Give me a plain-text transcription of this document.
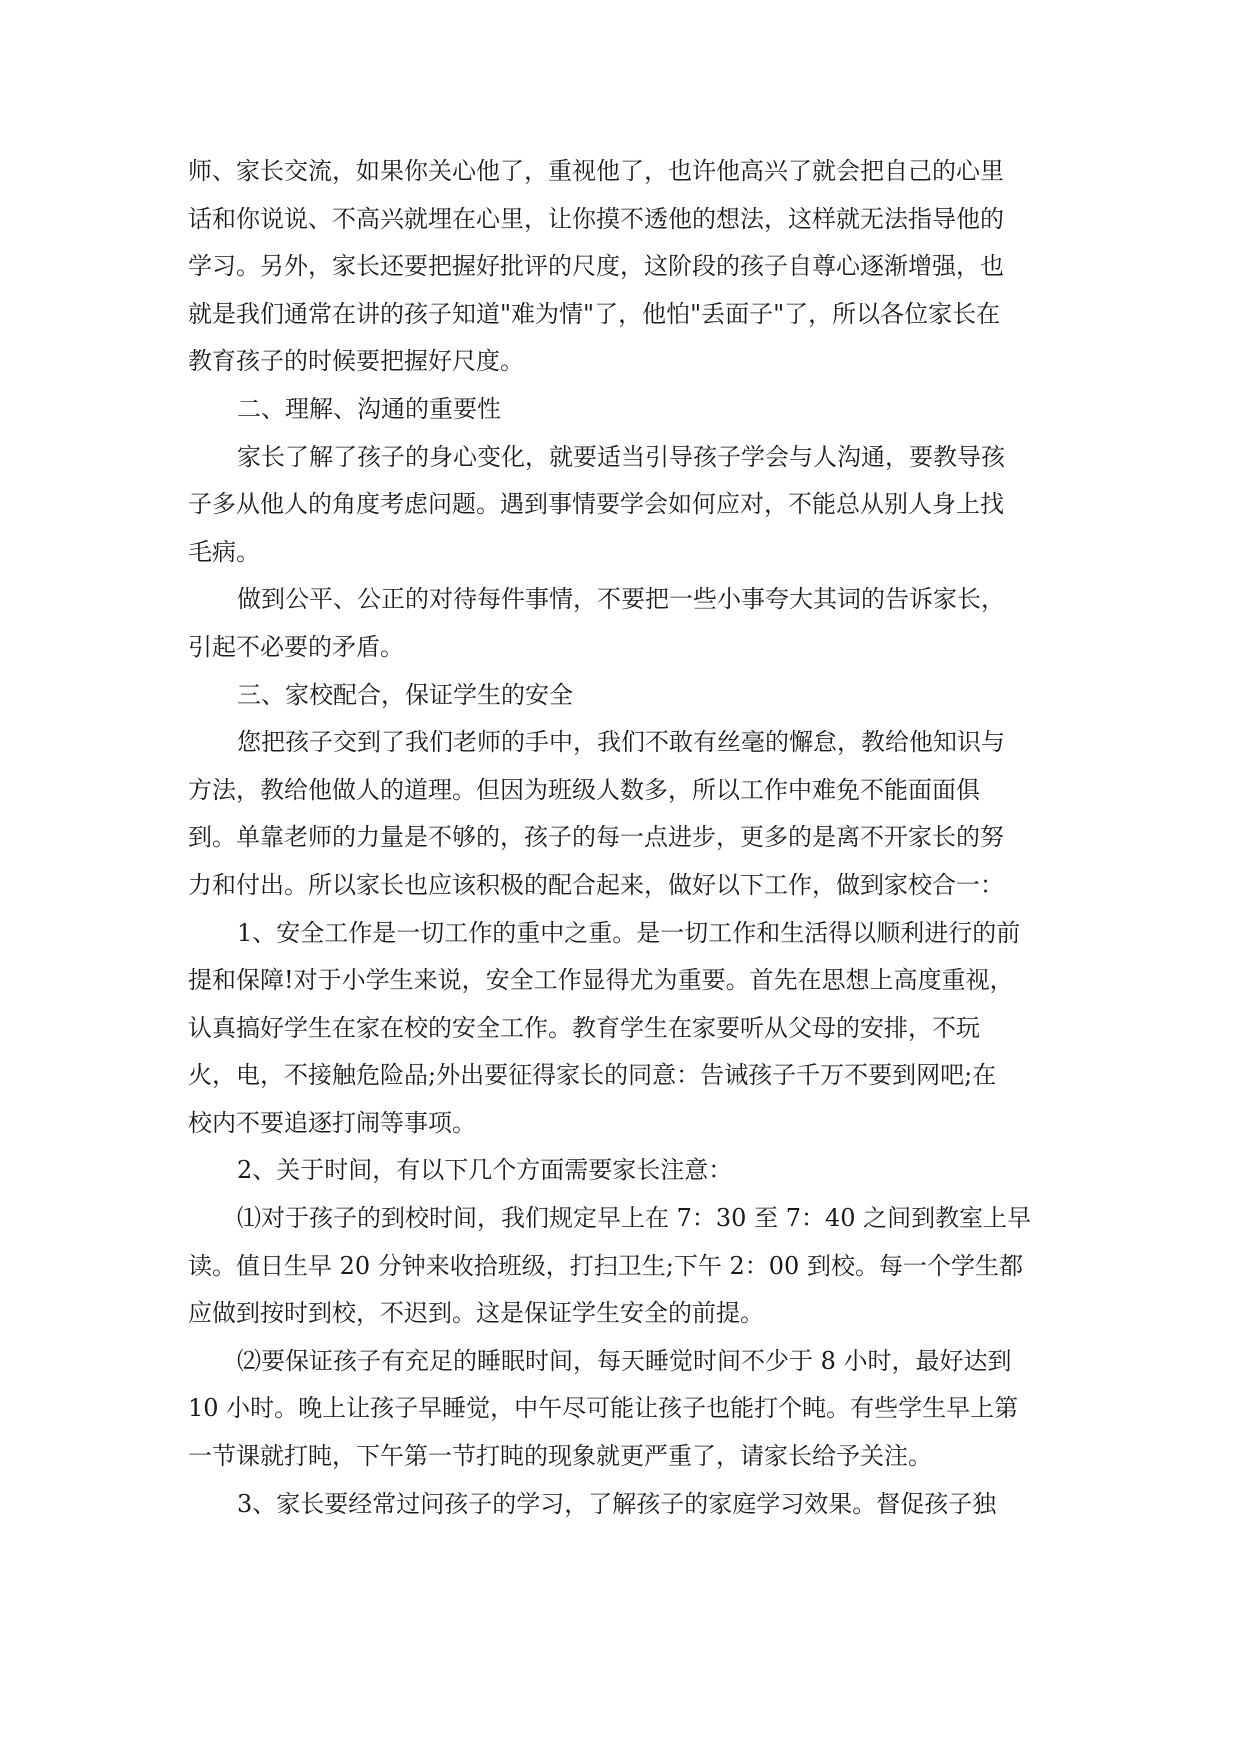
师、家长交流，如果你关心他了，重视他了，也许他高兴了就会把自己的心里
话和你说说、不高兴就埋在心里，让你摸不透他的想法，这样就无法指导他的
学习。另外，家长还要把握好批评的尺度，这阶段的孩子自尊心逐渐增强，也
就是我们通常在讲的孩子知道"难为情"了，他怕"丢面子"了，所以各位家长在
教育孩子的时候要把握好尺度。
二、理解、沟通的重要性
家长了解了孩子的身心变化，就要适当引导孩子学会与人沟通，要教导孩
子多从他人的角度考虑问题。遇到事情要学会如何应对，不能总从别人身上找
毛病。
做到公平、公正的对待每件事情，不要把一些小事夸大其词的告诉家长，
引起不必要的矛盾。
三、家校配合，保证学生的安全
您把孩子交到了我们老师的手中，我们不敢有丝毫的懈怠，教给他知识与
方法，教给他做人的道理。但因为班级人数多，所以工作中难免不能面面俱
到。单靠老师的力量是不够的，孩子的每一点进步，更多的是离不开家长的努
力和付出。所以家长也应该积极的配合起来，做好以下工作，做到家校合一：
1、安全工作是一切工作的重中之重。是一切工作和生活得以顺利进行的前
提和保障!对于小学生来说，安全工作显得尤为重要。首先在思想上高度重视，
认真搞好学生在家在校的安全工作。教育学生在家要听从父母的安排，不玩
火，电，不接触危险品;外出要征得家长的同意：告诫孩子千万不要到网吧;在
校内不要追逐打闹等事项。
2、关于时间，有以下几个方面需要家长注意：
⑴对于孩子的到校时间，我们规定早上在 7：30 至 7：40 之间到教室上早
读。值日生早 20 分钟来收拾班级，打扫卫生;下午 2：00 到校。每一个学生都
应做到按时到校，不迟到。这是保证学生安全的前提。
⑵要保证孩子有充足的睡眠时间，每天睡觉时间不少于 8 小时，最好达到
10 小时。晚上让孩子早睡觉，中午尽可能让孩子也能打个盹。有些学生早上第
一节课就打盹，下午第一节打盹的现象就更严重了，请家长给予关注。
3、家长要经常过问孩子的学习，了解孩子的家庭学习效果。督促孩子独
